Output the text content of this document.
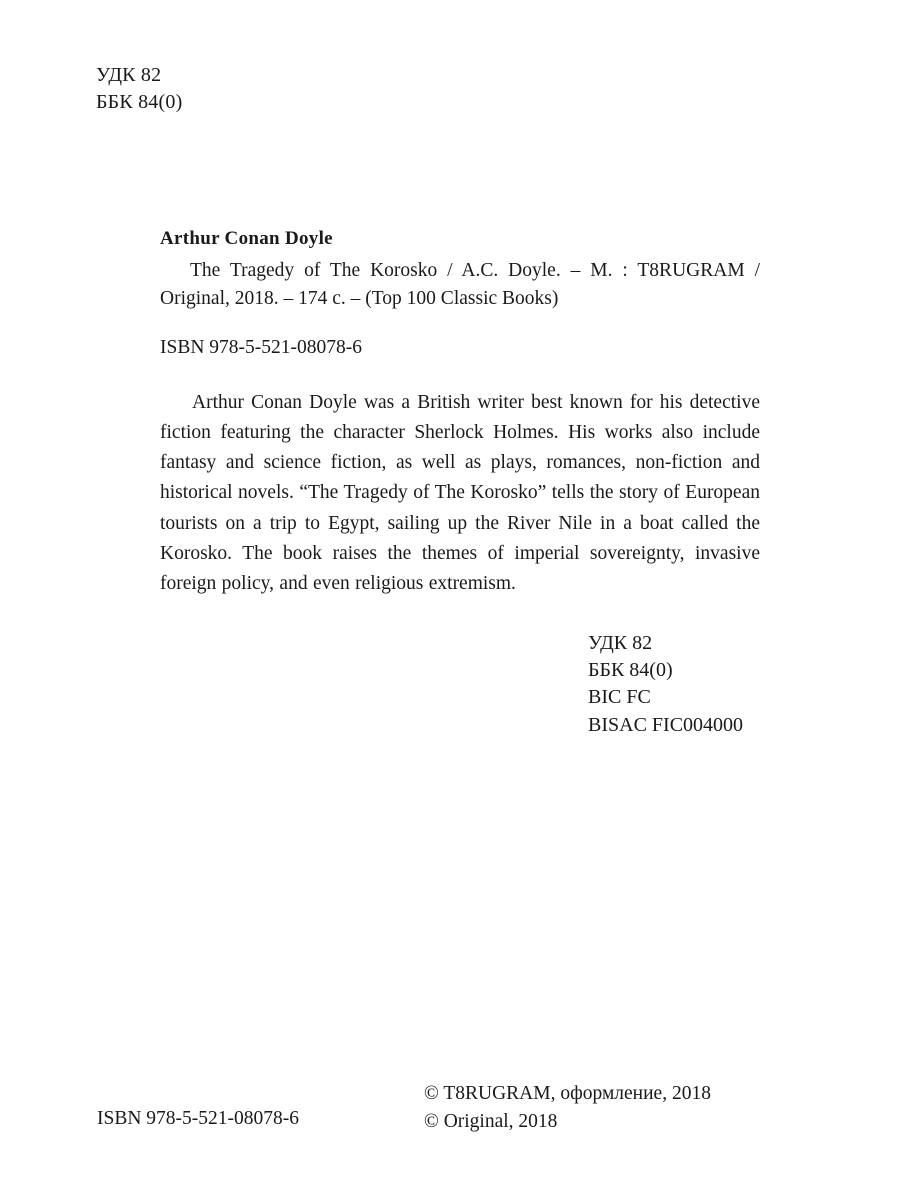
УДК 82
ББК 84(0)

Arthur Conan Doyle

The Tragedy of The Korosko / A.C. Doyle. – M. : T8RUGRAM / Original, 2018. – 174 c. – (Top 100 Classic Books)

ISBN 978-5-521-08078-6

Arthur Conan Doyle was a British writer best known for his detective fiction featuring the character Sherlock Holmes. His works also include fantasy and science fiction, as well as plays, romances, non-fiction and historical novels. “The Tragedy of The Korosko” tells the story of European tourists on a trip to Egypt, sailing up the River Nile in a boat called the Korosko. The book raises the themes of imperial sovereignty, invasive foreign policy, and even religious extremism.

УДК 82
ББК 84(0)
BIC FC
BISAC FIC004000
ISBN 978-5-521-08078-6
© T8RUGRAM, оформление, 2018
© Original, 2018
